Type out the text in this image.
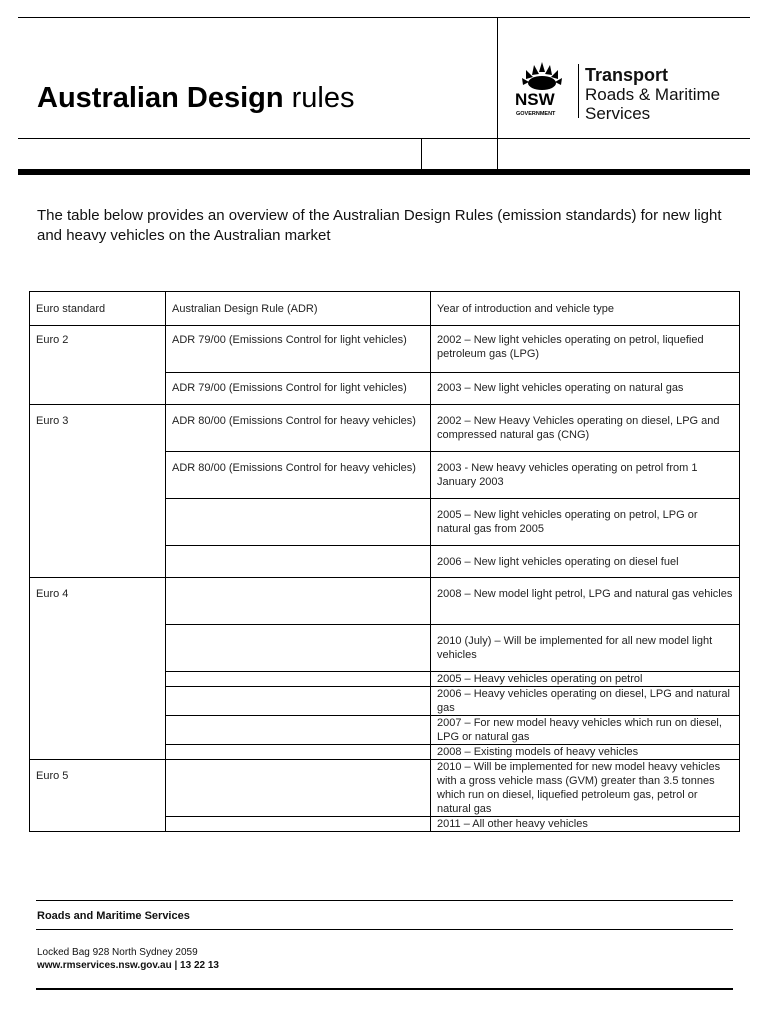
Australian Design rules	NSW
GOVERNMENT
Transport
Roads & Maritime
Services
The table below provides an overview of the Australian Design Rules (emission standards) for new light and heavy vehicles on the Australian market
Euro standard	Australian Design Rule (ADR)	Year of introduction and vehicle type
Euro 2	ADR 79/00 (Emissions Control for light vehicles)	2002 – New light vehicles operating on petrol, liquefied petroleum gas (LPG)
	ADR 79/00 (Emissions Control for light vehicles)	2003 – New light vehicles operating on natural gas
Euro 3	ADR 80/00 (Emissions Control for heavy vehicles)	2002 – New Heavy Vehicles operating on diesel, LPG and compressed natural gas (CNG)
	ADR 80/00 (Emissions Control for heavy vehicles)	2003 - New heavy vehicles operating on petrol from 1 January 2003
		2005 – New light vehicles operating on petrol, LPG or natural gas from 2005
		2006 – New light vehicles operating on diesel fuel
Euro 4		2008 – New model light petrol, LPG and natural gas vehicles
		2010 (July) – Will be implemented for all new model light vehicles
		2005 – Heavy vehicles operating on petrol
		2006 – Heavy vehicles operating on diesel, LPG and natural gas
		2007 – For new model heavy vehicles which run on diesel, LPG or natural gas
		2008 – Existing models of heavy vehicles
Euro 5		2010 – Will be implemented for new model heavy vehicles with a gross vehicle mass (GVM) greater than 3.5 tonnes which run on diesel, liquefied petroleum gas, petrol or natural gas
		2011 – All other heavy vehicles
Roads and Maritime Services
Locked Bag 928 North Sydney 2059
www.rmservices.nsw.gov.au | 13 22 13
